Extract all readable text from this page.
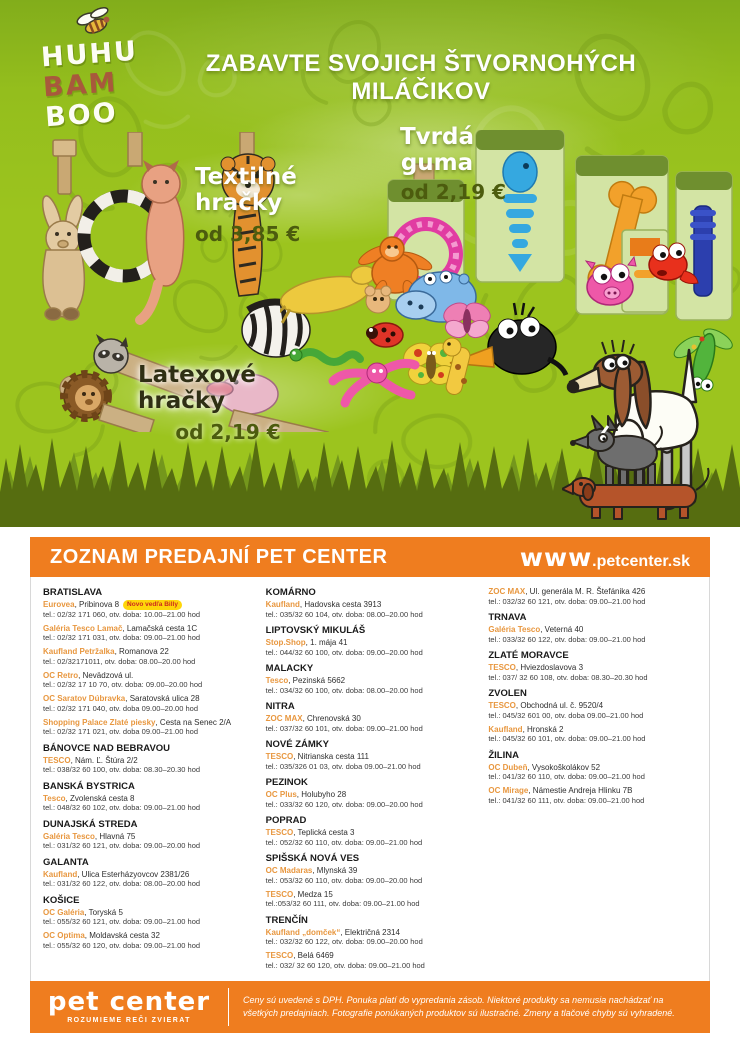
HUHU
BAM
BOO
ZABAVTE SVOJICH ŠTVORNOHÝCH MILÁČIKOV
Textilné hračky
od 3,85 €
Tvrdá guma
od 2,19 €
Latexové hračky
od 2,19 €
ZOZNAM PREDAJNÍ PET CENTER	www.petcenter.sk
BRATISLAVA
Eurovea, Pribinova 8 Novo vedľa Billy
tel.: 02/32 171 060, otv. doba: 10.00–21.00 hod
Galéria Tesco Lamač, Lamačská cesta 1C
tel.: 02/32 171 031, otv. doba: 09.00–21.00 hod
Kaufland Petržalka, Romanova 22
tel.: 02/32171011, otv. doba: 08.00–20.00 hod
OC Retro, Nevädzová ul.
tel.: 02/32 17 10 70, otv. doba: 09.00–20.00 hod
OC Saratov Dúbravka, Saratovská ulica 28
tel.: 02/32 171 040, otv. doba 09.00–20.00 hod
Shopping Palace Zlaté piesky, Cesta na Senec 2/A
tel.: 02/32 171 021, otv. doba 09.00–21.00 hod
BÁNOVCE NAD BEBRAVOU
TESCO, Nám. Ľ. Štúra 2/2
tel.: 038/32 60 100, otv. doba: 08.30–20.30 hod
BANSKÁ BYSTRICA
Tesco, Zvolenská cesta 8
tel.: 048/32 60 102, otv. doba: 09.00–21.00 hod
DUNAJSKÁ STREDA
Galéria Tesco, Hlavná 75
tel.: 031/32 60 121, otv. doba: 09.00–20.00 hod
GALANTA
Kaufland, Ulica Esterházyovcov 2381/26
tel.: 031/32 60 122, otv. doba: 08.00–20.00 hod
KOŠICE
OC Galéria, Toryská 5
tel.: 055/32 60 121, otv. doba: 09.00–21.00 hod
OC Optima, Moldavská cesta 32
tel.: 055/32 60 120, otv. doba: 09.00–21.00 hod
KOMÁRNO
Kaufland, Hadovska cesta 3913
tel.: 035/32 60 104, otv. doba: 08.00–20.00 hod
LIPTOVSKÝ MIKULÁŠ
Stop.Shop, 1. mája 41
tel.: 044/32 60 100, otv. doba: 09.00–20.00 hod
MALACKY
Tesco, Pezinská 5662
tel.: 034/32 60 100, otv. doba: 08.00–20.00 hod
NITRA
ZOC MAX, Chrenovská 30
tel.: 037/32 60 101, otv. doba: 09.00–21.00 hod
NOVÉ ZÁMKY
TESCO, Nitrianska cesta 111
tel.: 035/326 01 03, otv. doba 09.00–21.00 hod
PEZINOK
OC Plus, Holubyho 28
tel.: 033/32 60 120, otv. doba: 09.00–20.00 hod
POPRAD
TESCO, Teplická cesta 3
tel.: 052/32 60 110, otv. doba: 09.00–21.00 hod
SPIŠSKÁ NOVÁ VES
OC Madaras, Mlynská 39
tel.: 053/32 60 110, otv. doba: 09.00–20.00 hod
TESCO, Medza 15
tel.:053/32 60 111, otv. doba: 09.00–21.00 hod
TRENČÍN
Kaufland „domček“, Električná 2314
tel.: 032/32 60 122, otv. doba: 09.00–20.00 hod
TESCO, Belá 6469
tel.: 032/ 32 60 120, otv. doba: 09.00–21.00 hod
ZOC MAX, Ul. generála M. R. Štefánika 426
tel.: 032/32 60 121, otv. doba: 09.00–21.00 hod
TRNAVA
Galéria Tesco, Veterná 40
tel.: 033/32 60 122, otv. doba: 09.00–21.00 hod
ZLATÉ MORAVCE
TESCO, Hviezdoslavova 3
tel.: 037/ 32 60 108, otv. doba: 08.30–20.30 hod
ZVOLEN
TESCO, Obchodná ul. č. 9520/4
tel.: 045/32 601 00, otv. doba 09.00–21.00 hod
Kaufland, Hronská 2
tel.: 045/32 60 101, otv. doba: 09.00–21.00 hod
ŽILINA
OC Dubeň, Vysokoškolákov 52
tel.: 041/32 60 110, otv. doba: 09.00–21.00 hod
OC Mirage, Námestie Andreja Hlinku 7B
tel.: 041/32 60 111, otv. doba: 09.00–21.00 hod
pet center
ROZUMIEME REČI ZVIERAT
Ceny sú uvedené s DPH. Ponuka platí do vypredania zásob. Niektoré produkty sa nemusia nachádzať na všetkých predajniach. Fotografie ponúkaných produktov sú ilustračné. Zmeny a tlačové chyby sú vyhradené.
